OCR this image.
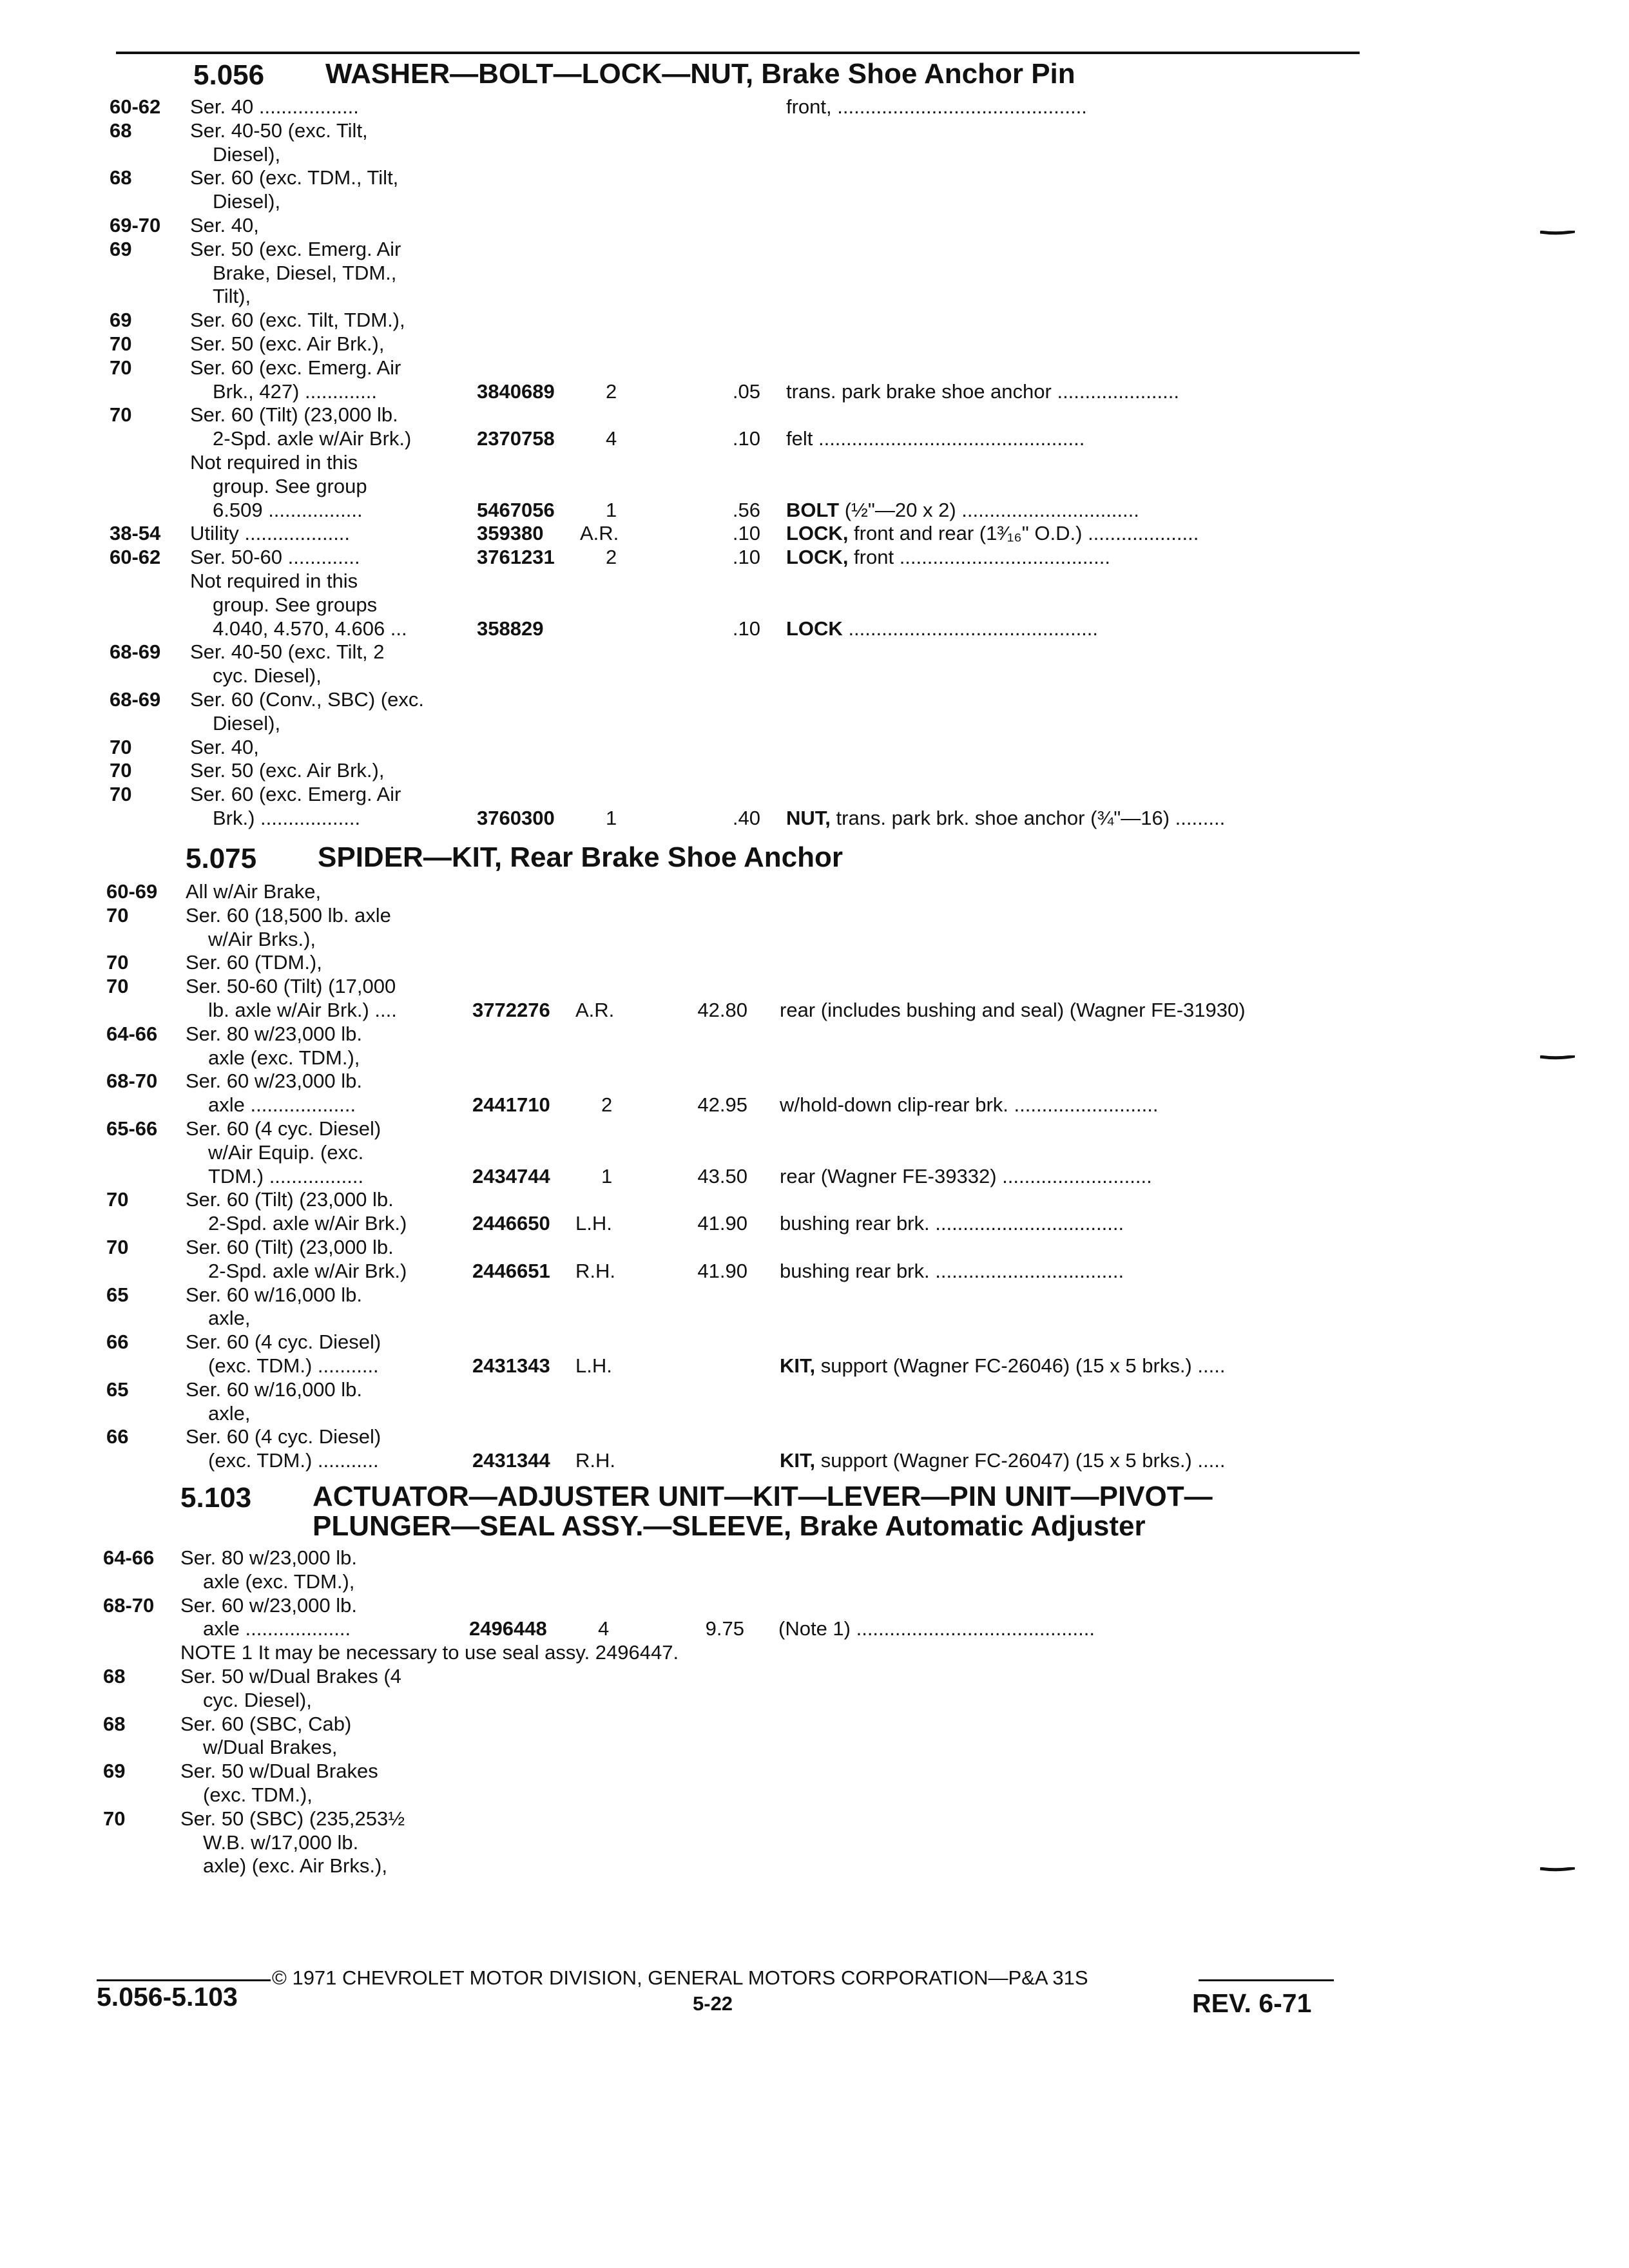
5.056 WASHER—BOLT—LOCK—NUT, Brake Shoe Anchor Pin
60-62 Ser. 40 ..................	front, .............................................
68	Ser. 40-50 (exc. Tilt,
Diesel),
68	Ser. 60 (exc. TDM., Tilt,
Diesel),
69-70 Ser. 40,
69	Ser. 50 (exc. Emerg. Air
Brake, Diesel, TDM.,
Tilt),
69	Ser. 60 (exc. Tilt, TDM.),
70	Ser. 50 (exc. Air Brk.),
70	Ser. 60 (exc. Emerg. Air
Brk., 427) .............	3840689	2	.05 trans. park brake shoe anchor ......................
70	Ser. 60 (Tilt) (23,000 lb.
2-Spd. axle w/Air Brk.)	2370758	4	.10 felt ................................................
Not required in this
group. See group
6.509 .................	5467056	1	.56 BOLT (½"—20 x 2) ................................
38-54 Utility ...................	359380 A.R.	.10 LOCK, front and rear (1³⁄₁₆" O.D.) ....................
60-62 Ser. 50-60 .............	3761231	2	.10 LOCK, front ......................................
Not required in this
group. See groups
4.040, 4.570, 4.606 ...	358829	.10 LOCK .............................................
68-69 Ser. 40-50 (exc. Tilt, 2
cyc. Diesel),
68-69 Ser. 60 (Conv., SBC) (exc.
Diesel),
70	Ser. 40,
70	Ser. 50 (exc. Air Brk.),
70	Ser. 60 (exc. Emerg. Air
Brk.) ..................	3760300	1	.40 NUT, trans. park brk. shoe anchor (¾"—16) .........
5.075 SPIDER—KIT, Rear Brake Shoe Anchor
60-69 All w/Air Brake,
70	Ser. 60 (18,500 lb. axle
w/Air Brks.),
70	Ser. 60 (TDM.),
70	Ser. 50-60 (Tilt) (17,000
lb. axle w/Air Brk.) ....	3772276 A.R.	42.80 rear (includes bushing and seal) (Wagner FE-31930)
64-66 Ser. 80 w/23,000 lb.
axle (exc. TDM.),
68-70 Ser. 60 w/23,000 lb.
axle ...................	2441710	2	42.95 w/hold-down clip-rear brk. ..........................
65-66 Ser. 60 (4 cyc. Diesel)
w/Air Equip. (exc.
TDM.) .................	2434744	1	43.50 rear (Wagner FE-39332) ...........................
70	Ser. 60 (Tilt) (23,000 lb.
2-Spd. axle w/Air Brk.)	2446650 L.H.	41.90 bushing rear brk. ..................................
70	Ser. 60 (Tilt) (23,000 lb.
2-Spd. axle w/Air Brk.)	2446651 R.H.	41.90 bushing rear brk. ..................................
65	Ser. 60 w/16,000 lb.
axle,
66	Ser. 60 (4 cyc. Diesel)
(exc. TDM.) ...........	2431343 L.H.	KIT, support (Wagner FC-26046) (15 x 5 brks.) .....
65	Ser. 60 w/16,000 lb.
axle,
66	Ser. 60 (4 cyc. Diesel)
(exc. TDM.) ...........	2431344 R.H.	KIT, support (Wagner FC-26047) (15 x 5 brks.) .....
5.103 ACTUATOR—ADJUSTER UNIT—KIT—LEVER—PIN UNIT—PIVOT—
PLUNGER—SEAL ASSY.—SLEEVE, Brake Automatic Adjuster
64-66 Ser. 80 w/23,000 lb.
axle (exc. TDM.),
68-70 Ser. 60 w/23,000 lb.
axle ...................	2496448	4	9.75 (Note 1) ...........................................
NOTE 1 It may be necessary to use seal assy. 2496447.
68	Ser. 50 w/Dual Brakes (4
cyc. Diesel),
68	Ser. 60 (SBC, Cab)
w/Dual Brakes,
69	Ser. 50 w/Dual Brakes
(exc. TDM.),
70	Ser. 50 (SBC) (235,253½
W.B. w/17,000 lb.
axle) (exc. Air Brks.),
© 1971 CHEVROLET MOTOR DIVISION, GENERAL MOTORS CORPORATION—P&A 31S
5.056-5.103	5-22	REV. 6-71
